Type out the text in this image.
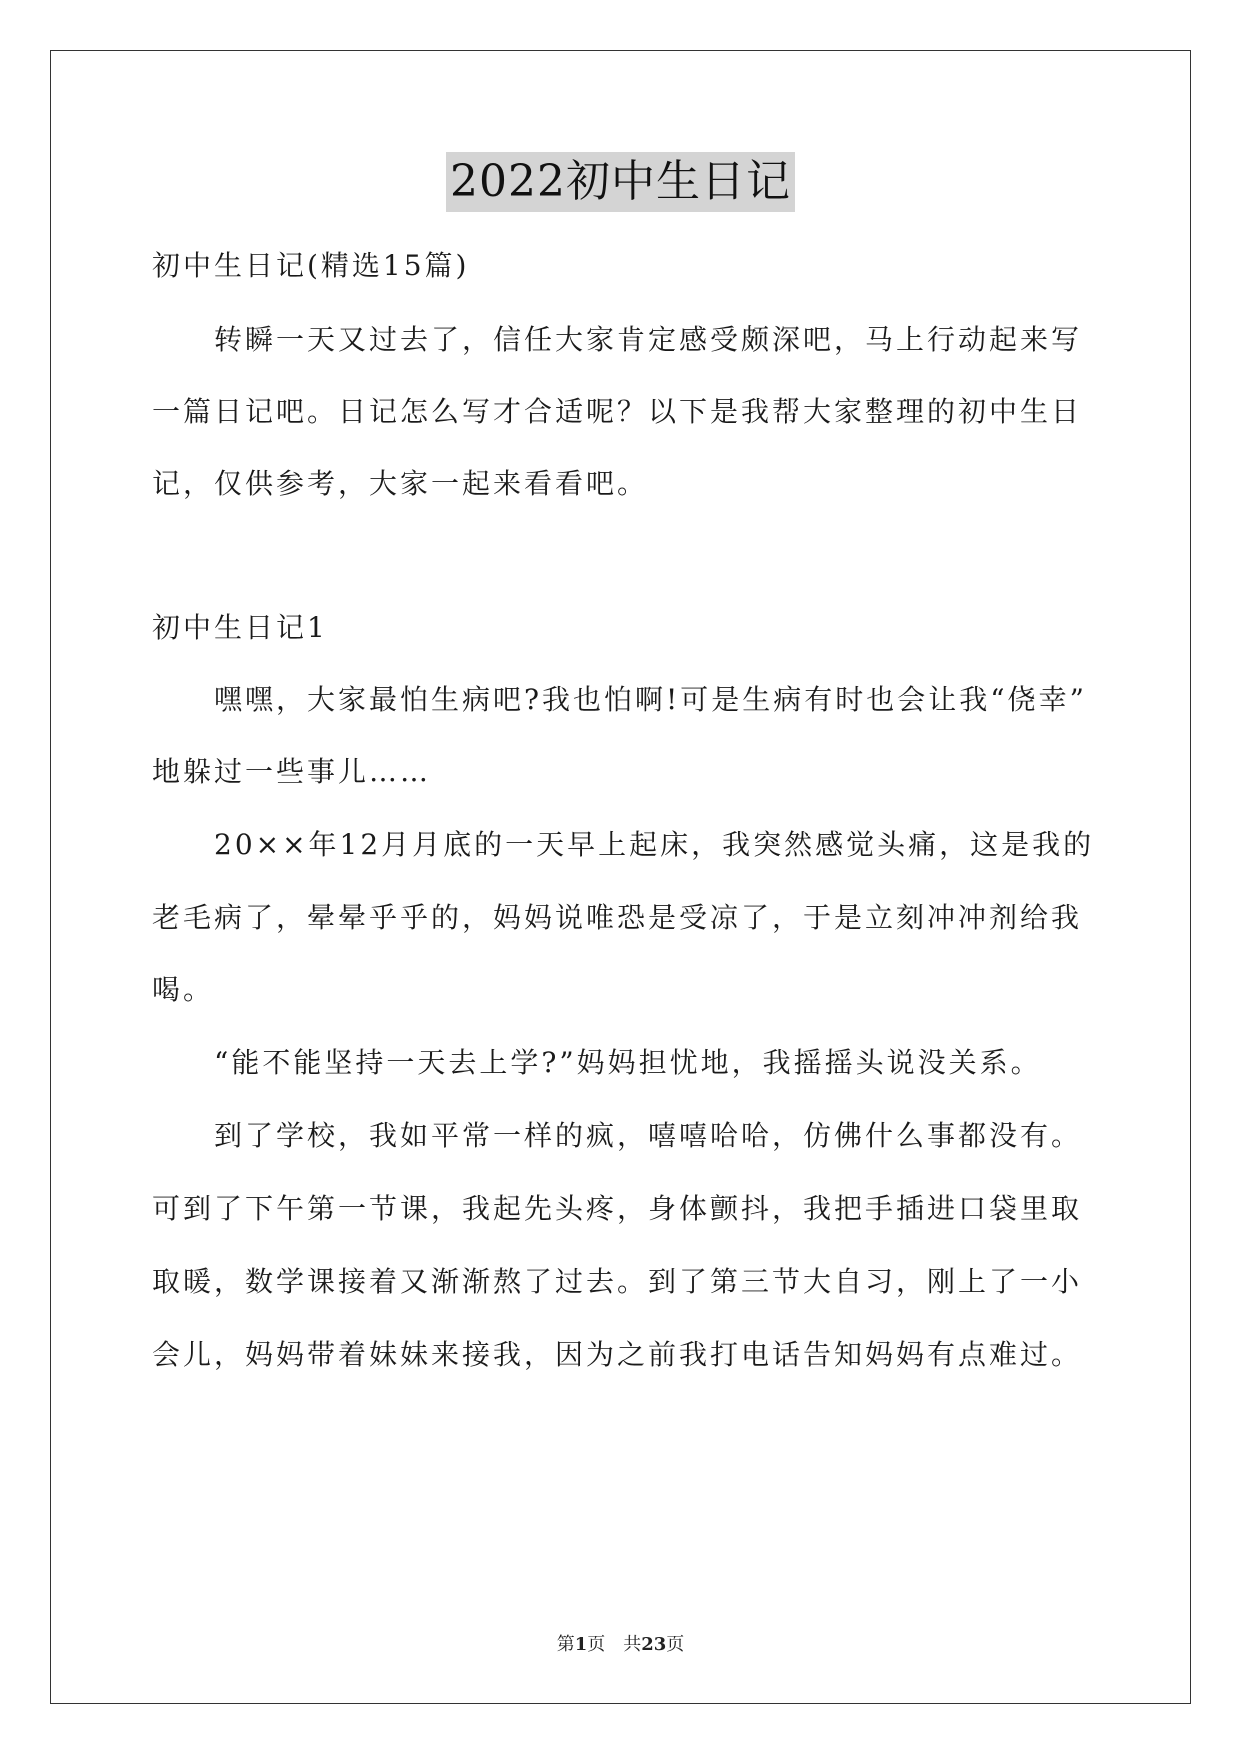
2022初中生日记
初中生日记(精选15篇)
转瞬一天又过去了，信任大家肯定感受颇深吧，马上行动起来写
一篇日记吧。日记怎么写才合适呢？以下是我帮大家整理的初中生日
记，仅供参考，大家一起来看看吧。
初中生日记1
嘿嘿，大家最怕生病吧?我也怕啊!可是生病有时也会让我“侥幸”
地躲过一些事儿……
20××年12月月底的一天早上起床，我突然感觉头痛，这是我的
老毛病了，晕晕乎乎的，妈妈说唯恐是受凉了，于是立刻冲冲剂给我
喝。
“能不能坚持一天去上学?”妈妈担忧地，我摇摇头说没关系。
到了学校，我如平常一样的疯，嘻嘻哈哈，仿佛什么事都没有。
可到了下午第一节课，我起先头疼，身体颤抖，我把手插进口袋里取
取暖，数学课接着又渐渐熬了过去。到了第三节大自习，刚上了一小
会儿，妈妈带着妹妹来接我，因为之前我打电话告知妈妈有点难过。
第1页　共23页
